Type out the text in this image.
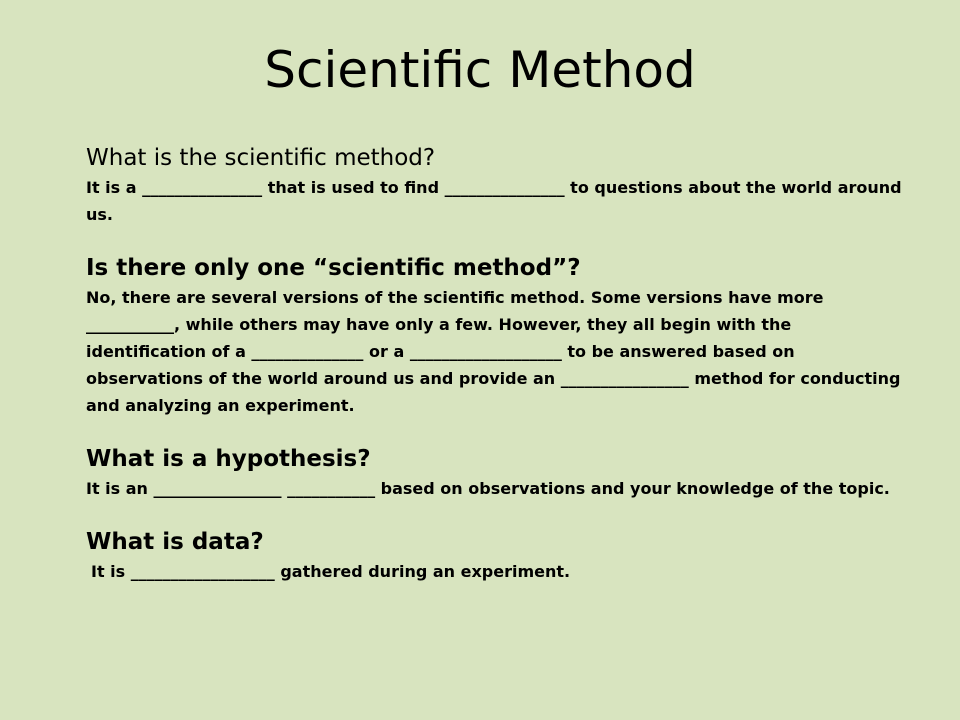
Scientific Method

What is the scientific method?

It is a _______________ that is used to find _______________ to questions about the world around us.

Is there only one “scientific method”?

No, there are several versions of the scientific method. Some versions have more ___________, while others may have only a few. However, they all begin with the identification of a ______________ or a ___________________ to be answered based on observations of the world around us and provide an ________________ method for conducting and analyzing an experiment.

What is a hypothesis?

It is an ________________ ___________ based on observations and your knowledge of the topic.

What is data?

It is __________________ gathered during an experiment.
